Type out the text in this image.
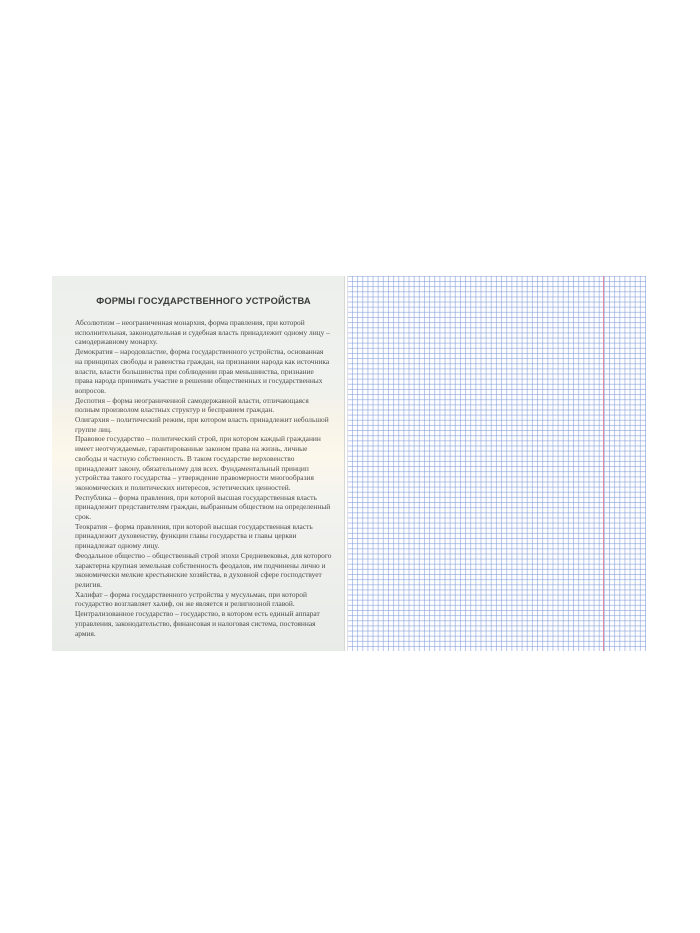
ФОРМЫ ГОСУДАРСТВЕННОГО УСТРОЙСТВА

Абсолютизм – неограниченная монархия, форма правления, при которой исполнительная, законодательная и судебная власть принадлежит одному лицу – самодержавному монарху.

Демократия – народовластие, форма государственного устройства, основанная на принципах свободы и равенства граждан, на признании народа как источника власти, власти большинства при соблюдении прав меньшинства, признание права народа принимать участие в решении общественных и государственных вопросов.

Деспотия – форма неограниченной самодержавной власти, отличающаяся полным произволом властных структур и бесправием граждан.

Олигархия – политический режим, при котором власть принадлежит небольшой группе лиц.

Правовое государство – политический строй, при котором каждый гражданин имеет неотчуждаемые, гарантированные законом права на жизнь, личные свободы и частную собственность. В таком государстве верховенство принадлежит закону, обязательному для всех. Фундаментальный принцип устройства такого государства – утверждение правомерности многообразия экономических и политических интересов, эстетических ценностей.

Республика – форма правления, при которой высшая государственная власть принадлежит представителям граждан, выбранным обществом на определенный срок.

Теократия – форма правления, при которой высшая государственная власть принадлежит духовенству, функции главы государства и главы церкви принадлежат одному лицу.

Феодальное общество – общественный строй эпохи Средневековья, для которого характерна крупная земельная собственность феодалов, им подчинены лично и экономически мелкие крестьянские хозяйства, в духовной сфере господствует религия.

Халифат – форма государственного устройства у мусульман, при которой государство возглавляет халиф, он же является и религиозной главой.

Централизованное государство – государство, в котором есть единый аппарат управления, законодательство, финансовая и налоговая система, постоянная армия.
